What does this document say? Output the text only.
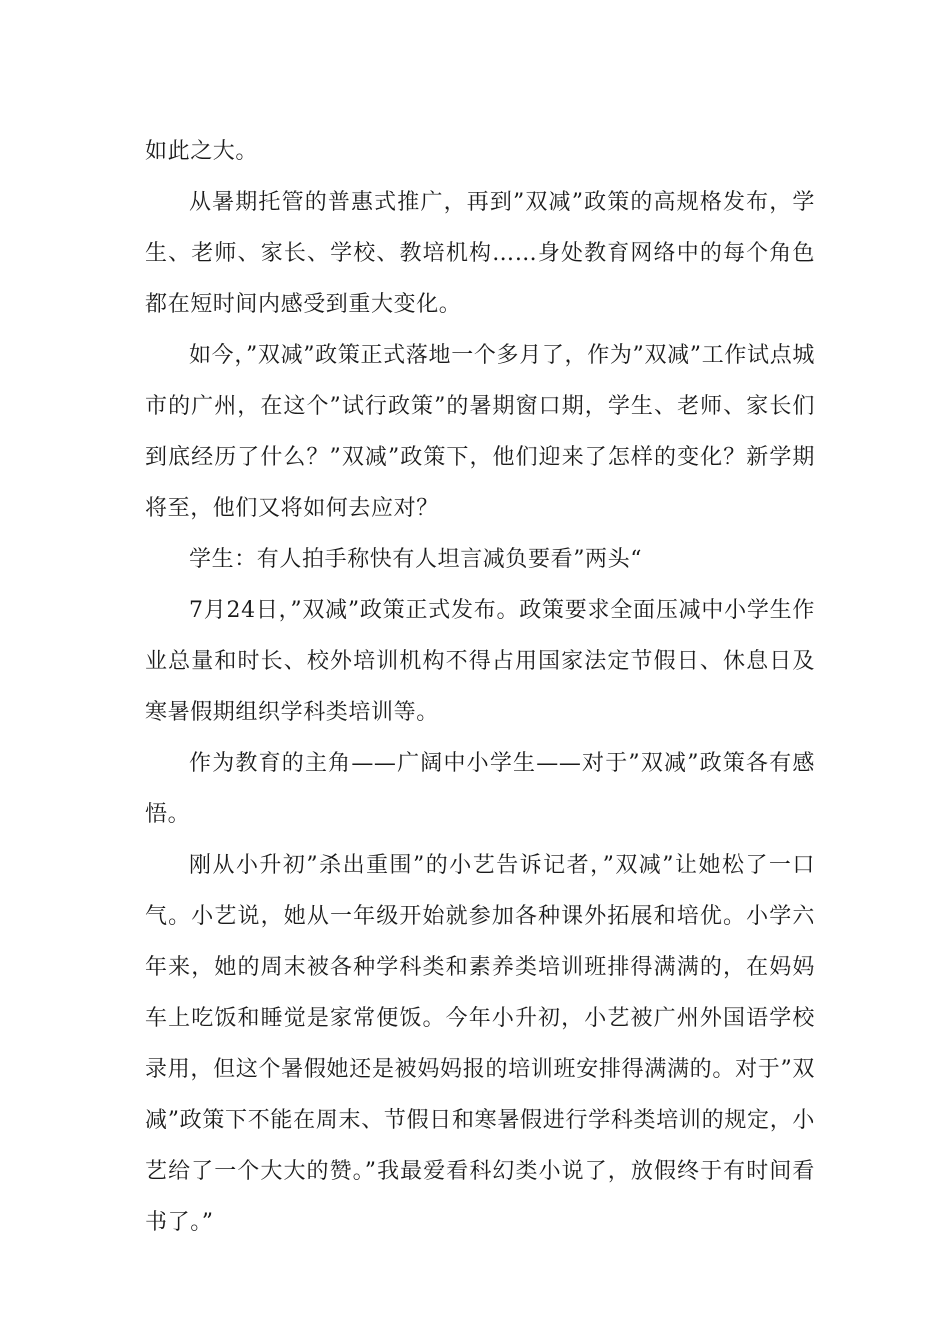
如此之大。

从暑期托管的普惠式推广，再到”双减”政策的高规格发布，学生、老师、家长、学校、教培机构……身处教育网络中的每个角色都在短时间内感受到重大变化。

如今，”双减”政策正式落地一个多月了，作为”双减”工作试点城市的广州，在这个”试行政策”的暑期窗口期，学生、老师、家长们到底经历了什么？”双减”政策下，他们迎来了怎样的变化？新学期将至，他们又将如何去应对？

学生：有人拍手称快有人坦言减负要看”两头“

7月24日，”双减”政策正式发布。政策要求全面压减中小学生作业总量和时长、校外培训机构不得占用国家法定节假日、休息日及寒暑假期组织学科类培训等。

作为教育的主角——广阔中小学生——对于”双减”政策各有感悟。

刚从小升初”杀出重围”的小艺告诉记者，”双减”让她松了一口气。小艺说，她从一年级开始就参加各种课外拓展和培优。小学六年来，她的周末被各种学科类和素养类培训班排得满满的，在妈妈车上吃饭和睡觉是家常便饭。今年小升初，小艺被广州外国语学校录用，但这个暑假她还是被妈妈报的培训班安排得满满的。对于”双减”政策下不能在周末、节假日和寒暑假进行学科类培训的规定，小艺给了一个大大的赞。”我最爱看科幻类小说了，放假终于有时间看书了。”
